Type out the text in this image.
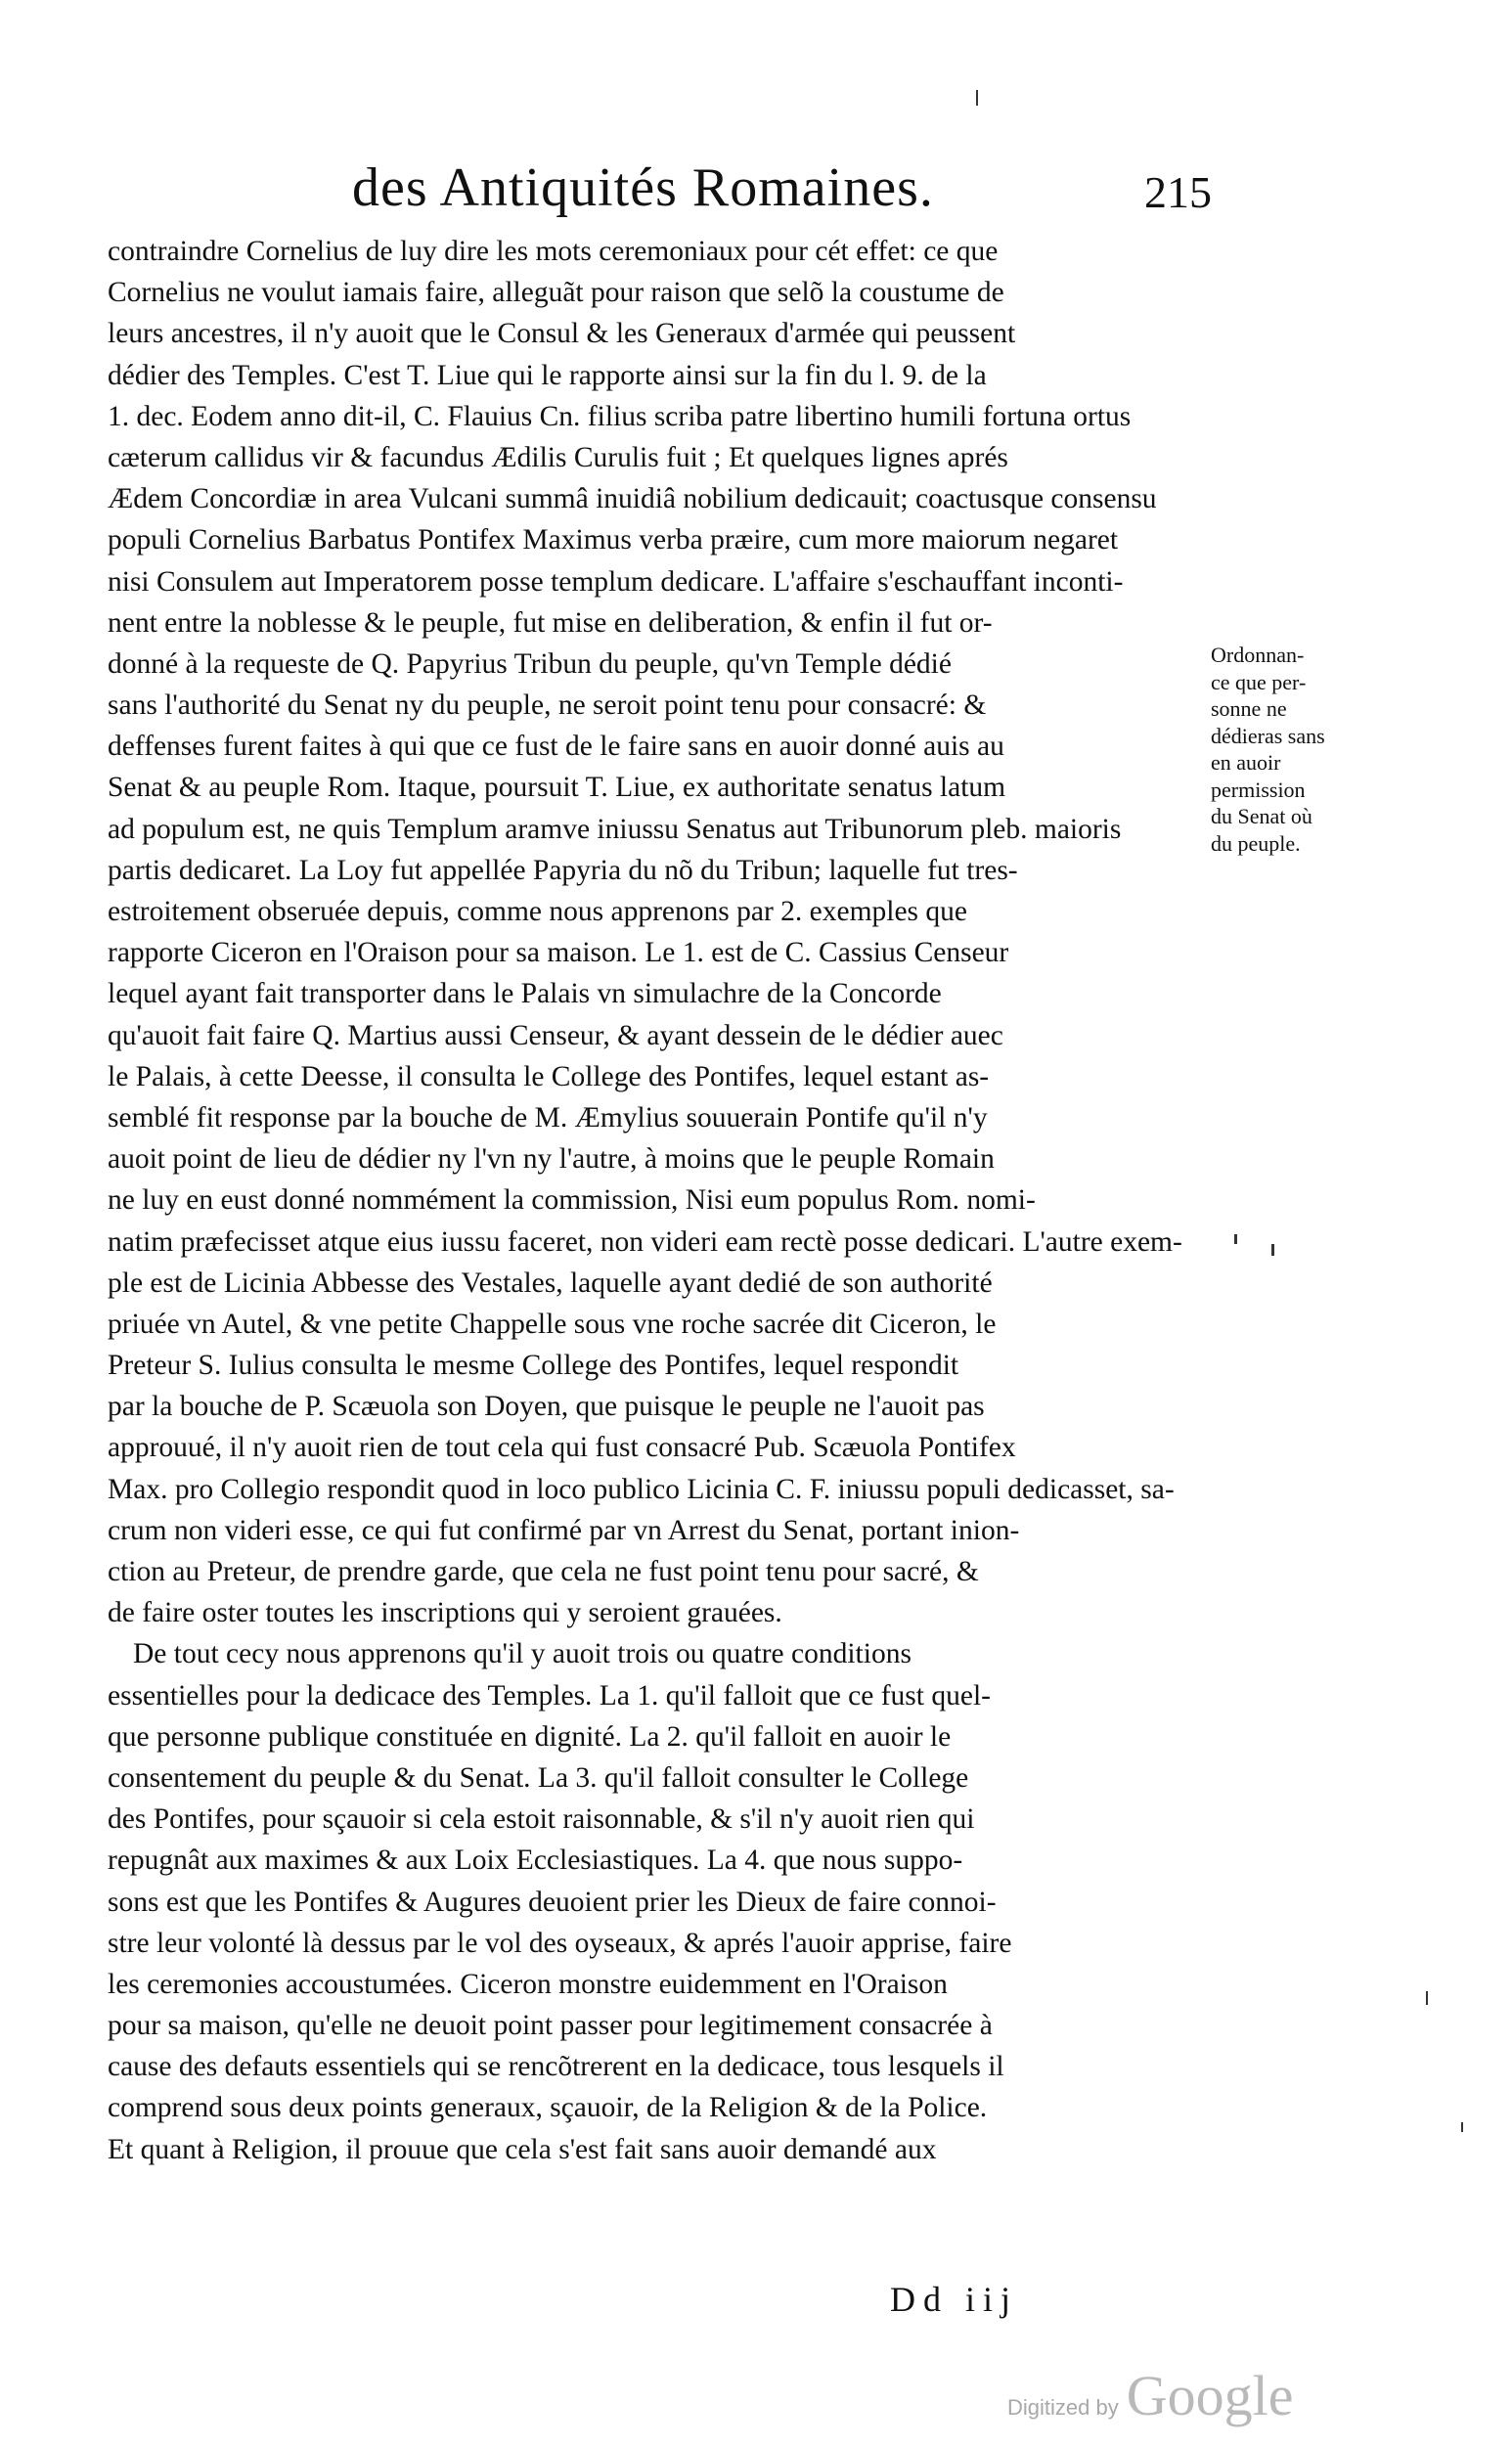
des Antiquités Romaines.	215
contraindre Cornelius de luy dire les mots ceremoniaux pour cét effet: ce que
Cornelius ne voulut iamais faire, alleguãt pour raison que selõ la coustume de
leurs ancestres, il n'y auoit que le Consul & les Generaux d'armée qui peussent
dédier des Temples. C'est T. Liue qui le rapporte ainsi sur la fin du l. 9. de la
1. dec. Eodem anno dit-il, C. Flauius Cn. filius scriba patre libertino humili fortuna ortus
cæterum callidus vir & facundus Ædilis Curulis fuit ; Et quelques lignes aprés
Ædem Concordiæ in area Vulcani summâ inuidiâ nobilium dedicauit; coactusque consensu
populi Cornelius Barbatus Pontifex Maximus verba præire, cum more maiorum negaret
nisi Consulem aut Imperatorem posse templum dedicare. L'affaire s'eschauffant inconti-
nent entre la noblesse & le peuple, fut mise en deliberation, & enfin il fut or-
donné à la requeste de Q. Papyrius Tribun du peuple, qu'vn Temple dédié
sans l'authorité du Senat ny du peuple, ne seroit point tenu pour consacré: &
deffenses furent faites à qui que ce fust de le faire sans en auoir donné auis au
Senat & au peuple Rom. Itaque, poursuit T. Liue, ex authoritate senatus latum
ad populum est, ne quis Templum aramve iniussu Senatus aut Tribunorum pleb. maioris
partis dedicaret. La Loy fut appellée Papyria du nõ du Tribun; laquelle fut tres-
estroitement obseruée depuis, comme nous apprenons par 2. exemples que
rapporte Ciceron en l'Oraison pour sa maison. Le 1. est de C. Cassius Censeur
lequel ayant fait transporter dans le Palais vn simulachre de la Concorde
qu'auoit fait faire Q. Martius aussi Censeur, & ayant dessein de le dédier auec
le Palais, à cette Deesse, il consulta le College des Pontifes, lequel estant as-
semblé fit response par la bouche de M. Æmylius souuerain Pontife qu'il n'y
auoit point de lieu de dédier ny l'vn ny l'autre, à moins que le peuple Romain
ne luy en eust donné nommément la commission, Nisi eum populus Rom. nomi-
natim præfecisset atque eius iussu faceret, non videri eam rectè posse dedicari. L'autre exem-
ple est de Licinia Abbesse des Vestales, laquelle ayant dedié de son authorité
priuée vn Autel, & vne petite Chappelle sous vne roche sacrée dit Ciceron, le
Preteur S. Iulius consulta le mesme College des Pontifes, lequel respondit
par la bouche de P. Scæuola son Doyen, que puisque le peuple ne l'auoit pas
approuué, il n'y auoit rien de tout cela qui fust consacré Pub. Scæuola Pontifex
Max. pro Collegio respondit quod in loco publico Licinia C. F. iniussu populi dedicasset, sa-
crum non videri esse, ce qui fut confirmé par vn Arrest du Senat, portant inion-
ction au Preteur, de prendre garde, que cela ne fust point tenu pour sacré, &
de faire oster toutes les inscriptions qui y seroient grauées.
De tout cecy nous apprenons qu'il y auoit trois ou quatre conditions
essentielles pour la dedicace des Temples. La 1. qu'il falloit que ce fust quel-
que personne publique constituée en dignité. La 2. qu'il falloit en auoir le
consentement du peuple & du Senat. La 3. qu'il falloit consulter le College
des Pontifes, pour sçauoir si cela estoit raisonnable, & s'il n'y auoit rien qui
repugnât aux maximes & aux Loix Ecclesiastiques. La 4. que nous suppo-
sons est que les Pontifes & Augures deuoient prier les Dieux de faire connoi-
stre leur volonté là dessus par le vol des oyseaux, & aprés l'auoir apprise, faire
les ceremonies accoustumées. Ciceron monstre euidemment en l'Oraison
pour sa maison, qu'elle ne deuoit point passer pour legitimement consacrée à
cause des defauts essentiels qui se rencõtrerent en la dedicace, tous lesquels il
comprend sous deux points generaux, sçauoir, de la Religion & de la Police.
Et quant à Religion, il prouue que cela s'est fait sans auoir demandé aux
Ordonnan-
ce que per-
sonne ne
dédieras sans
en auoir
permission
du Senat où
du peuple.
Dd iij
Digitized by Google
